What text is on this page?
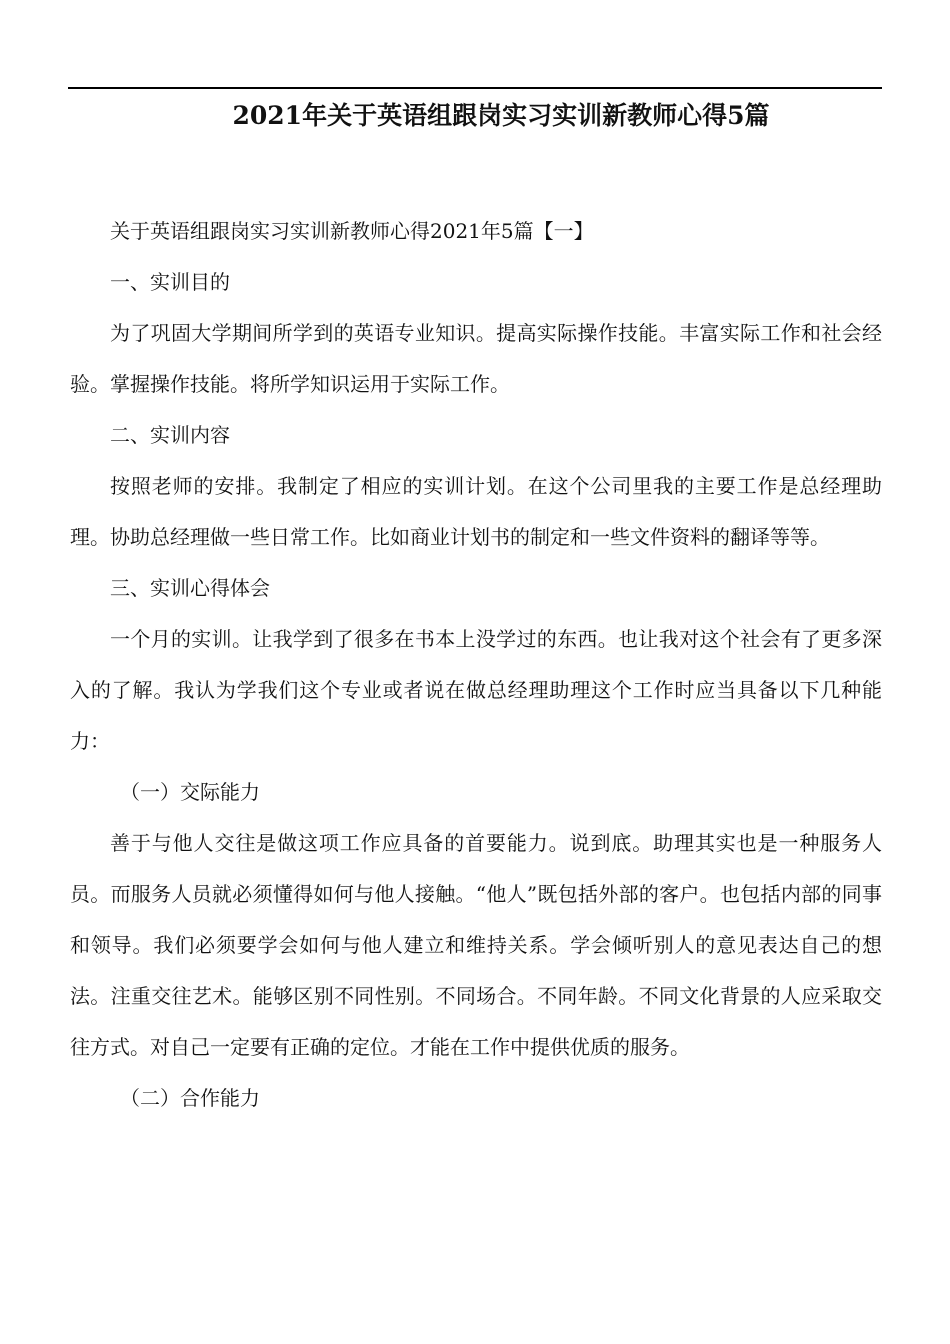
2021年关于英语组跟岗实习实训新教师心得5篇

关于英语组跟岗实习实训新教师心得2021年5篇【一】

一、实训目的

为了巩固大学期间所学到的英语专业知识。提高实际操作技能。丰富实际工作和社会经验。掌握操作技能。将所学知识运用于实际工作。

二、实训内容

按照老师的安排。我制定了相应的实训计划。在这个公司里我的主要工作是总经理助理。协助总经理做一些日常工作。比如商业计划书的制定和一些文件资料的翻译等等。

三、实训心得体会

一个月的实训。让我学到了很多在书本上没学过的东西。也让我对这个社会有了更多深入的了解。我认为学我们这个专业或者说在做总经理助理这个工作时应当具备以下几种能力：

（一）交际能力

善于与他人交往是做这项工作应具备的首要能力。说到底。助理其实也是一种服务人员。而服务人员就必须懂得如何与他人接触。“他人”既包括外部的客户。也包括内部的同事和领导。我们必须要学会如何与他人建立和维持关系。学会倾听别人的意见表达自己的想法。注重交往艺术。能够区别不同性别。不同场合。不同年龄。不同文化背景的人应采取交往方式。对自己一定要有正确的定位。才能在工作中提供优质的服务。

（二）合作能力
